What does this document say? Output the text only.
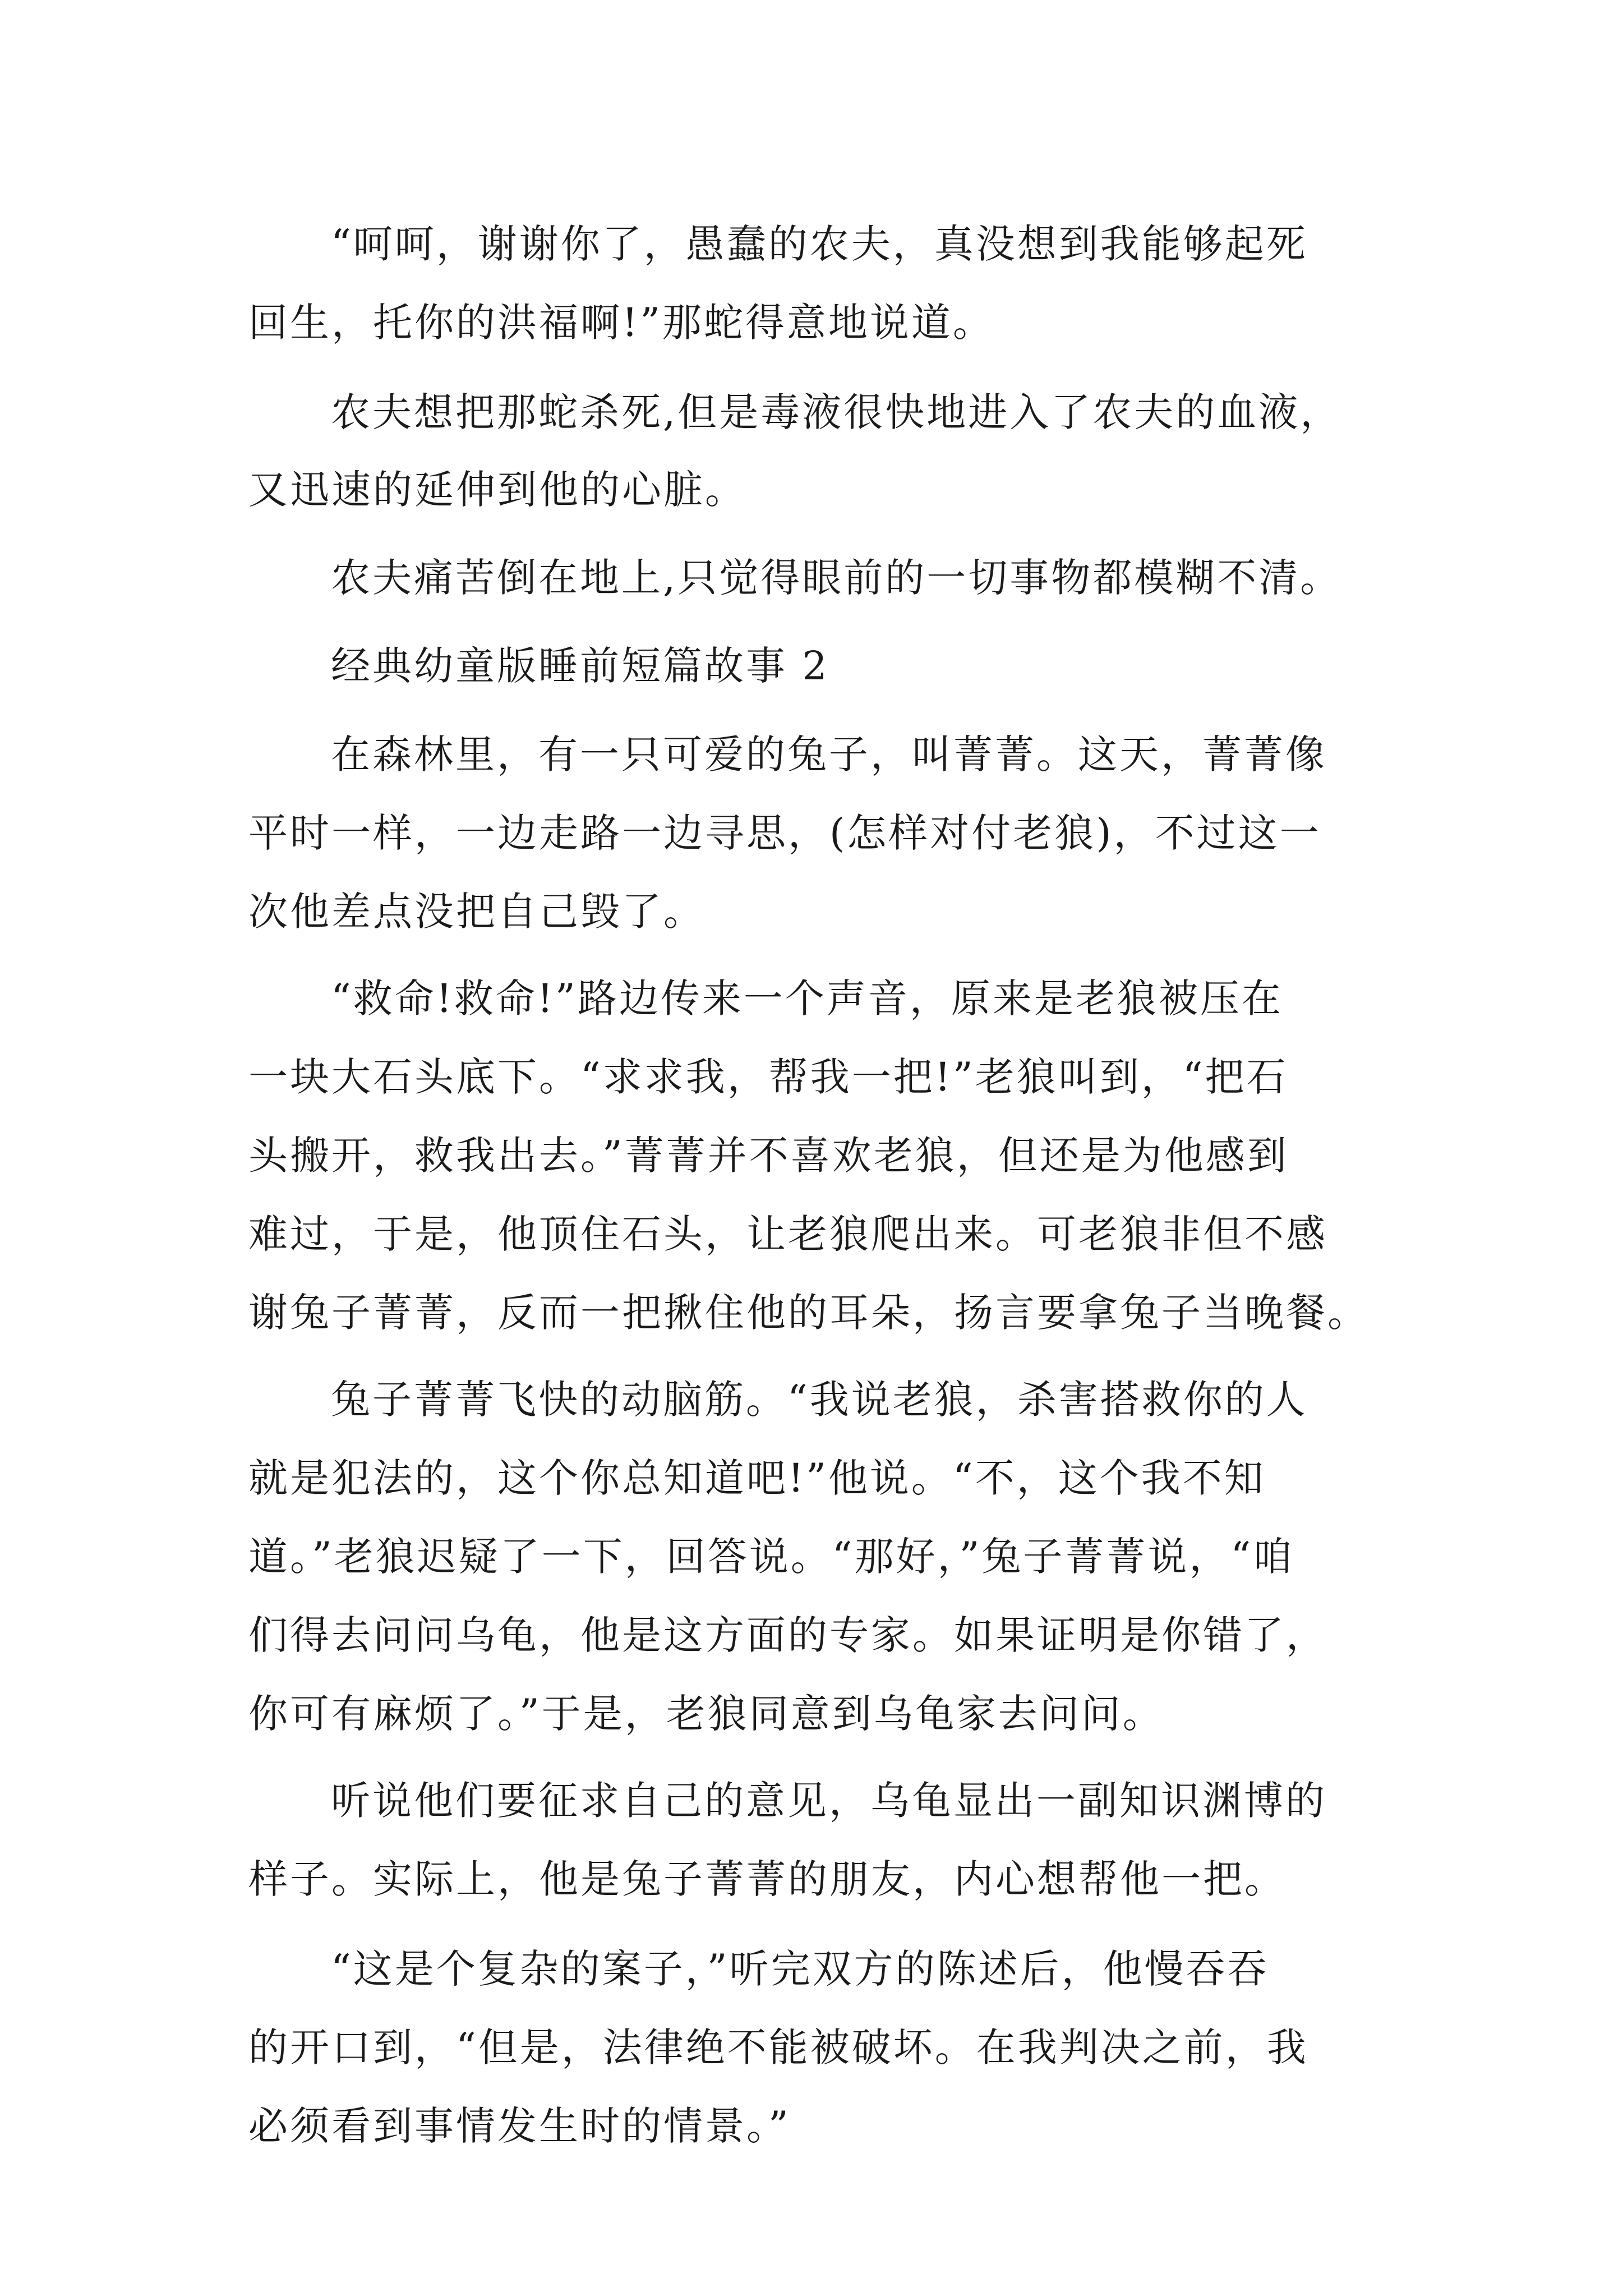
“呵呵，谢谢你了，愚蠢的农夫，真没想到我能够起死

回生，托你的洪福啊!”那蛇得意地说道。

农夫想把那蛇杀死,但是毒液很快地进入了农夫的血液，

又迅速的延伸到他的心脏。

农夫痛苦倒在地上,只觉得眼前的一切事物都模糊不清。

经典幼童版睡前短篇故事 2

在森林里，有一只可爱的兔子，叫菁菁。这天，菁菁像

平时一样，一边走路一边寻思，(怎样对付老狼)，不过这一

次他差点没把自己毁了。

“救命!救命!”路边传来一个声音，原来是老狼被压在

一块大石头底下。“求求我，帮我一把!”老狼叫到，“把石

头搬开，救我出去。”菁菁并不喜欢老狼，但还是为他感到

难过，于是，他顶住石头，让老狼爬出来。可老狼非但不感

谢兔子菁菁，反而一把揪住他的耳朵，扬言要拿兔子当晚餐。

兔子菁菁飞快的动脑筋。“我说老狼，杀害搭救你的人

就是犯法的，这个你总知道吧!”他说。“不，这个我不知

道。”老狼迟疑了一下，回答说。“那好，”兔子菁菁说，“咱

们得去问问乌龟，他是这方面的专家。如果证明是你错了，

你可有麻烦了。”于是，老狼同意到乌龟家去问问。

听说他们要征求自己的意见，乌龟显出一副知识渊博的

样子。实际上，他是兔子菁菁的朋友，内心想帮他一把。

“这是个复杂的案子，”听完双方的陈述后，他慢吞吞

的开口到，“但是，法律绝不能被破坏。在我判决之前，我

必须看到事情发生时的情景。”
